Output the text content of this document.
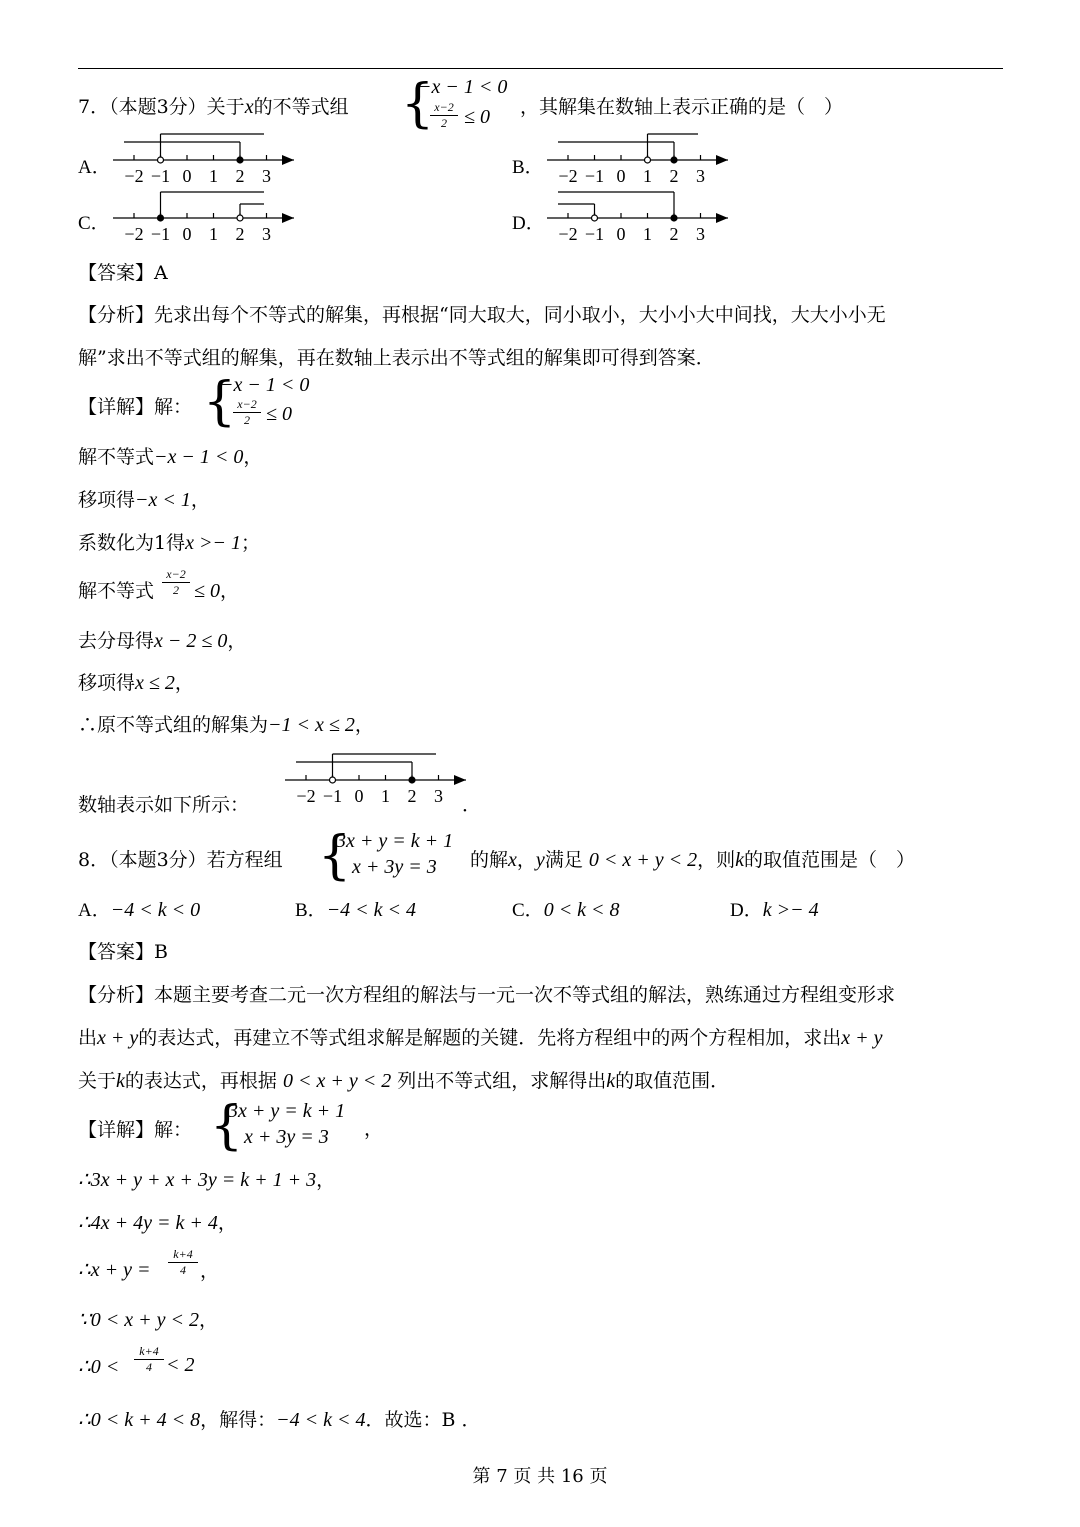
7．（本题3分）关于x的不等式组 {
−x − 1 < 0
x−2
2 ≤ 0 ，其解集在数轴上表示正确的是（　）
A．	B．
C．	D．
−2 −1 0 1 2 3	−2 −1 0 1 2 3
−2 −1 0 1 2 3	−2 −1 0 1 2 3
【答案】A
【分析】先求出每个不等式的解集，再根据“同大取大，同小取小，大小小大中间找，大大小小无
解”求出不等式组的解集，再在数轴上表示出不等式组的解集即可得到答案．
【详解】解： {
−x − 1 < 0
x−2
2 ≤ 0
解不等式−x − 1 < 0，
移项得−x < 1，
系数化为1得x >− 1；
解不等式
x−2
2 ≤ 0，
去分母得x − 2 ≤ 0，
移项得x ≤ 2，
∴原不等式组的解集为−1 < x ≤ 2，
数轴表示如下所示：	−2 −1 0 1 2 3 ．
8．（本题3分）若方程组 {
3x + y = k + 1
x + 3y = 3 的解x，y满足 0 < x + y < 2，则k的取值范围是（　）
A．−4 < k < 0	B．−4 < k < 4	C．0 < k < 8	D．k >− 4
【答案】B
【分析】本题主要考查二元一次方程组的解法与一元一次不等式组的解法，熟练通过方程组变形求
出x + y的表达式，再建立不等式组求解是解题的关键．先将方程组中的两个方程相加，求出x + y
关于k的表达式，再根据 0 < x + y < 2 列出不等式组，求解得出k的取值范围．
【详解】解： {
3x + y = k + 1
x + 3y = 3 ，
∴3x + y + x + 3y = k + 1 + 3，
∴4x + 4y = k + 4，
∴x + y =
k+4
4 ，
∵0 < x + y < 2，
∴0 <
k+4
4 < 2
∴0 < k + 4 < 8，解得：−4 < k < 4．故选：B ．
第 7 页 共 16 页
